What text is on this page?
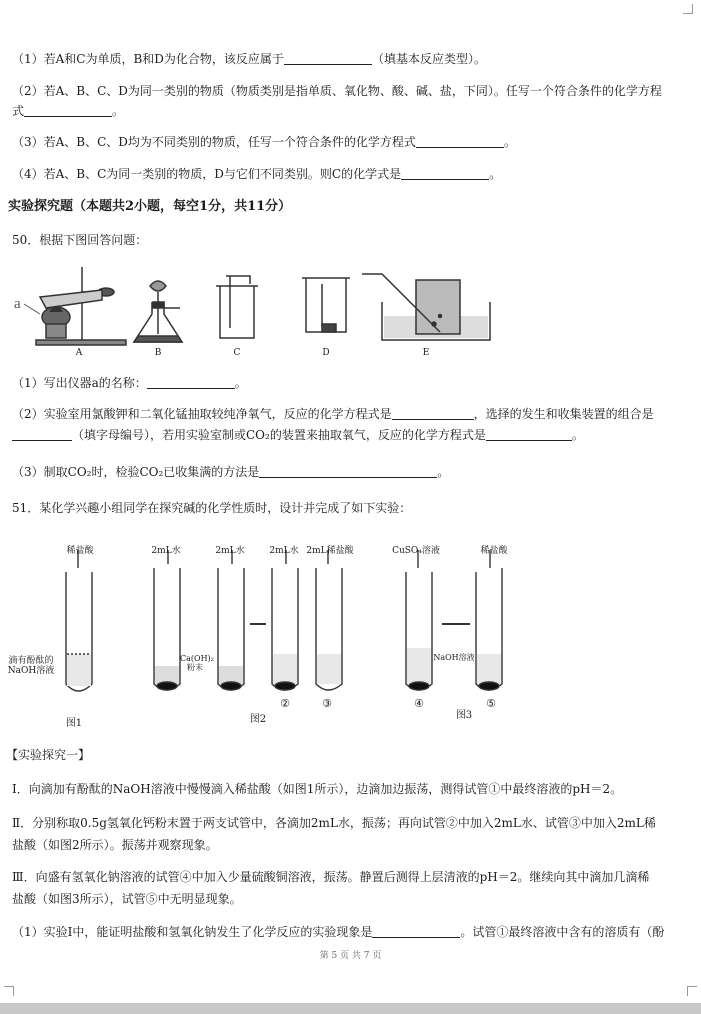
（1）若A和C为单质，B和D为化合物，该反应属于	（填基本反应类型）。
（2）若A、B、C、D为同一类别的物质（物质类别是指单质、氧化物、酸、碱、盐，下同）。任写一个符合条件的化学方程
式	。
（3）若A、B、C、D均为不同类别的物质，任写一个符合条件的化学方程式	。
（4）若A、B、C为同一类别的物质，D与它们不同类别。则C的化学式是	。
实验探究题（本题共2小题，每空1分，共11分）
50．根据下图回答问题：
a
A	B	C	D	E
（1）写出仪器a的名称：	。
（2）实验室用氯酸钾和二氧化锰抽取较纯净氧气，反应的化学方程式是	，选择的发生和收集装置的组合是
（填字母编号），若用实验室制或CO₂的装置来抽取氧气，反应的化学方程式是	。
（3）制取CO₂时，检验CO₂已收集满的方法是	。
51．某化学兴趣小组同学在探究碱的化学性质时，设计并完成了如下实验：
稀盐酸
滴有酚酞的NaOH溶液
图1
2mL水	2mL水	2mL水 2mL稀盐酸
Ca(OH)₂粉末
图2
②	③
CuSO₄溶液	稀盐酸
NaOH溶液
图3
④	⑤
【实验探究一】
Ⅰ．向滴加有酚酞的NaOH溶液中慢慢滴入稀盐酸（如图1所示），边滴加边振荡，测得试管①中最终溶液的pH＝2。
Ⅱ．分别称取0.5g氢氧化钙粉末置于两支试管中，各滴加2mL水，振荡；再向试管②中加入2mL水、试管③中加入2mL稀
盐酸（如图2所示）。振荡并观察现象。
Ⅲ．向盛有氢氧化钠溶液的试管④中加入少量硫酸铜溶液，振荡。静置后测得上层清液的pH＝2。继续向其中滴加几滴稀
盐酸（如图3所示），试管⑤中无明显现象。
（1）实验Ⅰ中，能证明盐酸和氢氧化钠发生了化学反应的实验现象是	。试管①最终溶液中含有的溶质有（酚
第 5 页 共 7 页
